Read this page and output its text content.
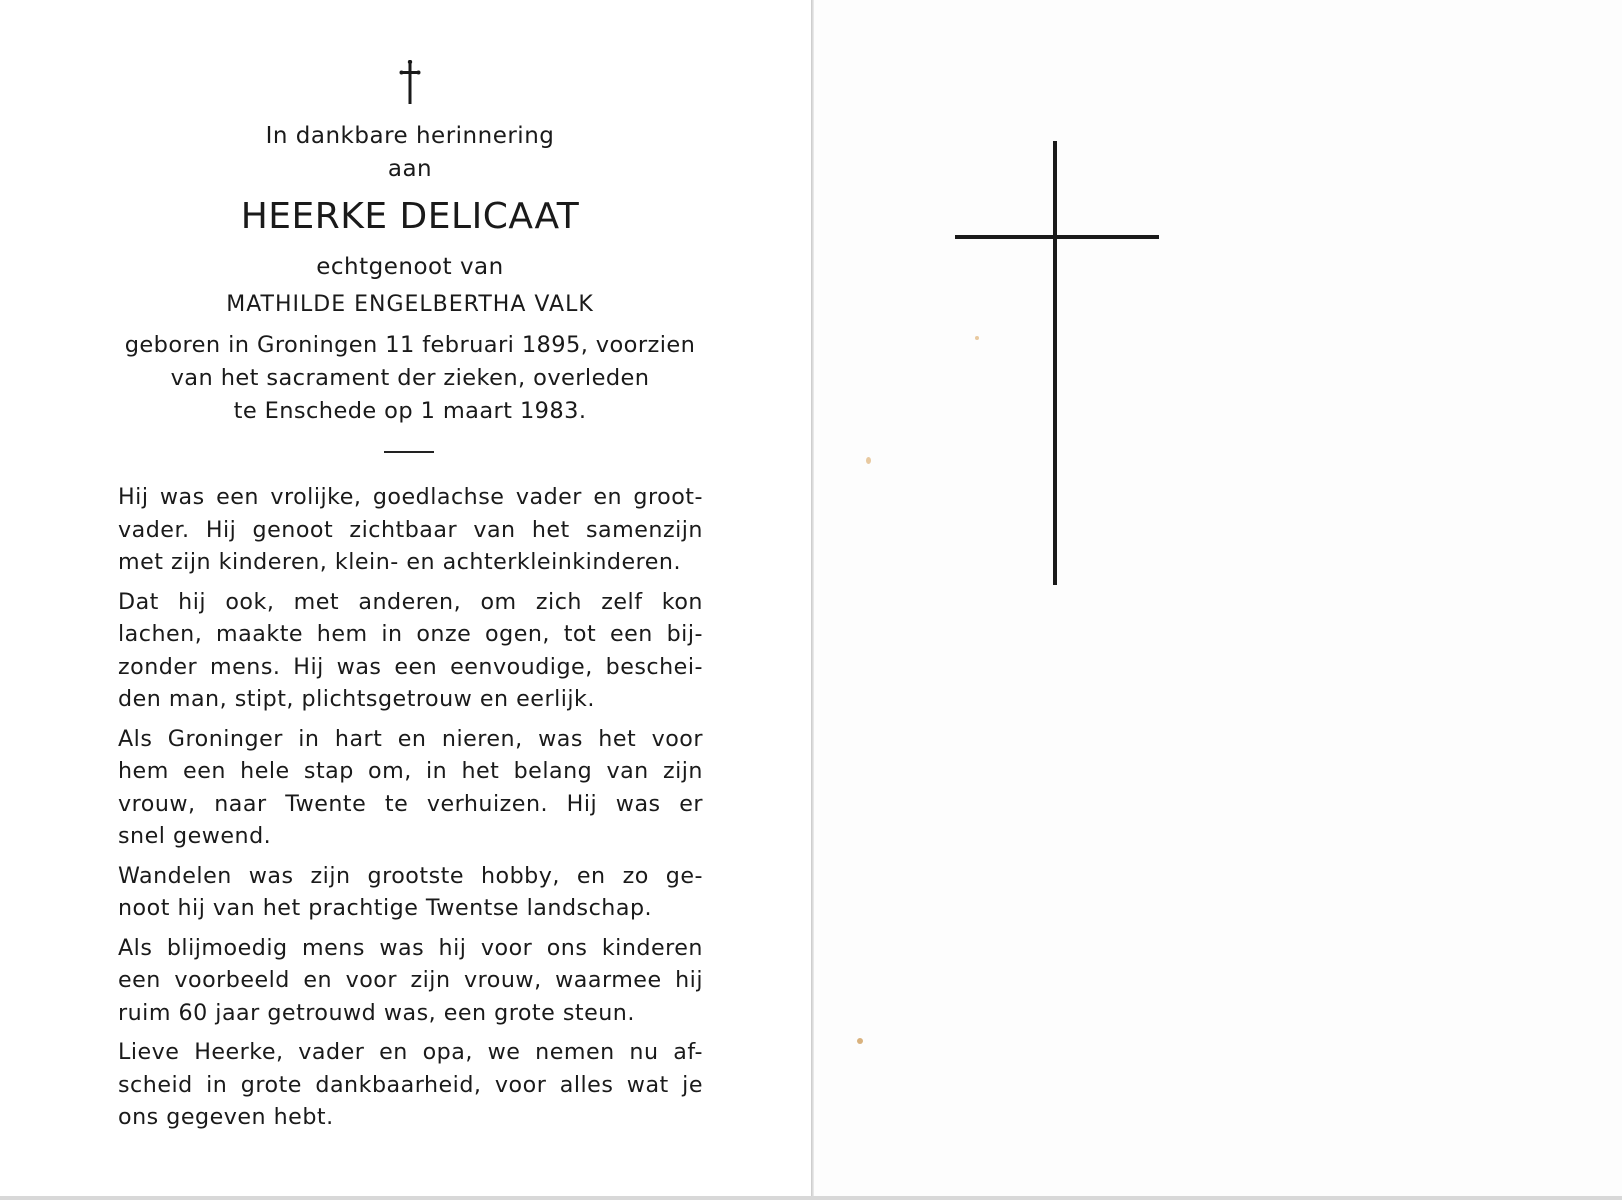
In dankbare herinnering
aan
HEERKE DELICAAT
echtgenoot van
MATHILDE ENGELBERTHA VALK
geboren in Groningen 11 februari 1895, voorzien
van het sacrament der zieken, overleden
te Enschede op 1 maart 1983.

Hij was een vrolijke, goedlachse vader en groot-
vader. Hij genoot zichtbaar van het samenzijn
met zijn kinderen, klein- en achterkleinkinderen.

Dat hij ook, met anderen, om zich zelf kon
lachen, maakte hem in onze ogen, tot een bij-
zonder mens. Hij was een eenvoudige, beschei-
den man, stipt, plichtsgetrouw en eerlijk.

Als Groninger in hart en nieren, was het voor
hem een hele stap om, in het belang van zijn
vrouw, naar Twente te verhuizen. Hij was er
snel gewend.

Wandelen was zijn grootste hobby, en zo ge-
noot hij van het prachtige Twentse landschap.

Als blijmoedig mens was hij voor ons kinderen
een voorbeeld en voor zijn vrouw, waarmee hij
ruim 60 jaar getrouwd was, een grote steun.

Lieve Heerke, vader en opa, we nemen nu af-
scheid in grote dankbaarheid, voor alles wat je
ons gegeven hebt.
